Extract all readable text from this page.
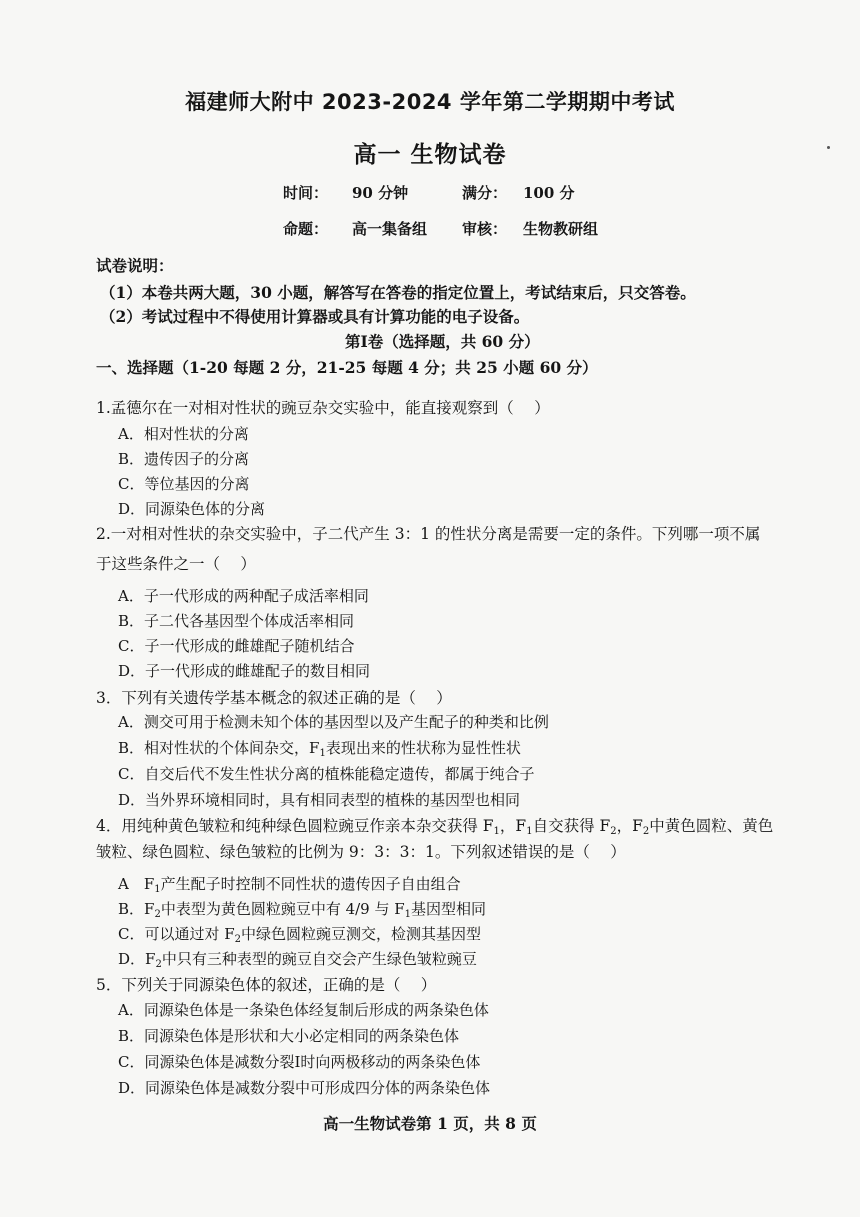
福建师大附中 2023-2024 学年第二学期期中考试
高一 生物试卷
时间： 90 分钟	满分： 100 分
命题： 高一集备组 审核： 生物教研组
试卷说明：
（1）本卷共两大题，30 小题，解答写在答卷的指定位置上，考试结束后，只交答卷。
（2）考试过程中不得使用计算器或具有计算功能的电子设备。
第Ⅰ卷（选择题，共 60 分）
一、选择题（1-20 每题 2 分，21-25 每题 4 分；共 25 小题 60 分）
1.孟德尔在一对相对性状的豌豆杂交实验中，能直接观察到（　 ）
A．相对性状的分离
B．遗传因子的分离
C．等位基因的分离
D．同源染色体的分离
2.一对相对性状的杂交实验中，子二代产生 3：1 的性状分离是需要一定的条件。下列哪一项不属
于这些条件之一（　 ）
A．子一代形成的两种配子成活率相同
B．子二代各基因型个体成活率相同
C．子一代形成的雌雄配子随机结合
D．子一代形成的雌雄配子的数目相同
3．下列有关遗传学基本概念的叙述正确的是（　 ）
A．测交可用于检测未知个体的基因型以及产生配子的种类和比例
B．相对性状的个体间杂交，$F_1$表现出来的性状称为显性性状
C．自交后代不发生性状分离的植株能稳定遗传，都属于纯合子
D．当外界环境相同时，具有相同表型的植株的基因型也相同
4．用纯种黄色皱粒和纯种绿色圆粒豌豆作亲本杂交获得 $F_1$，$F_1$自交获得 $F_2$，$F_2$中黄色圆粒、黄色
皱粒、绿色圆粒、绿色皱粒的比例为 9：3：3：1。下列叙述错误的是（　 ）
A　$F_1$产生配子时控制不同性状的遗传因子自由组合
B．$F_2$中表型为黄色圆粒豌豆中有 4/9 与 $F_1$基因型相同
C．可以通过对 $F_2$中绿色圆粒豌豆测交，检测其基因型
D．$F_2$中只有三种表型的豌豆自交会产生绿色皱粒豌豆
5．下列关于同源染色体的叙述，正确的是（　 ）
A．同源染色体是一条染色体经复制后形成的两条染色体
B．同源染色体是形状和大小必定相同的两条染色体
C．同源染色体是减数分裂Ⅰ时向两极移动的两条染色体
D．同源染色体是减数分裂中可形成四分体的两条染色体
高一生物试卷第 1 页，共 8 页
